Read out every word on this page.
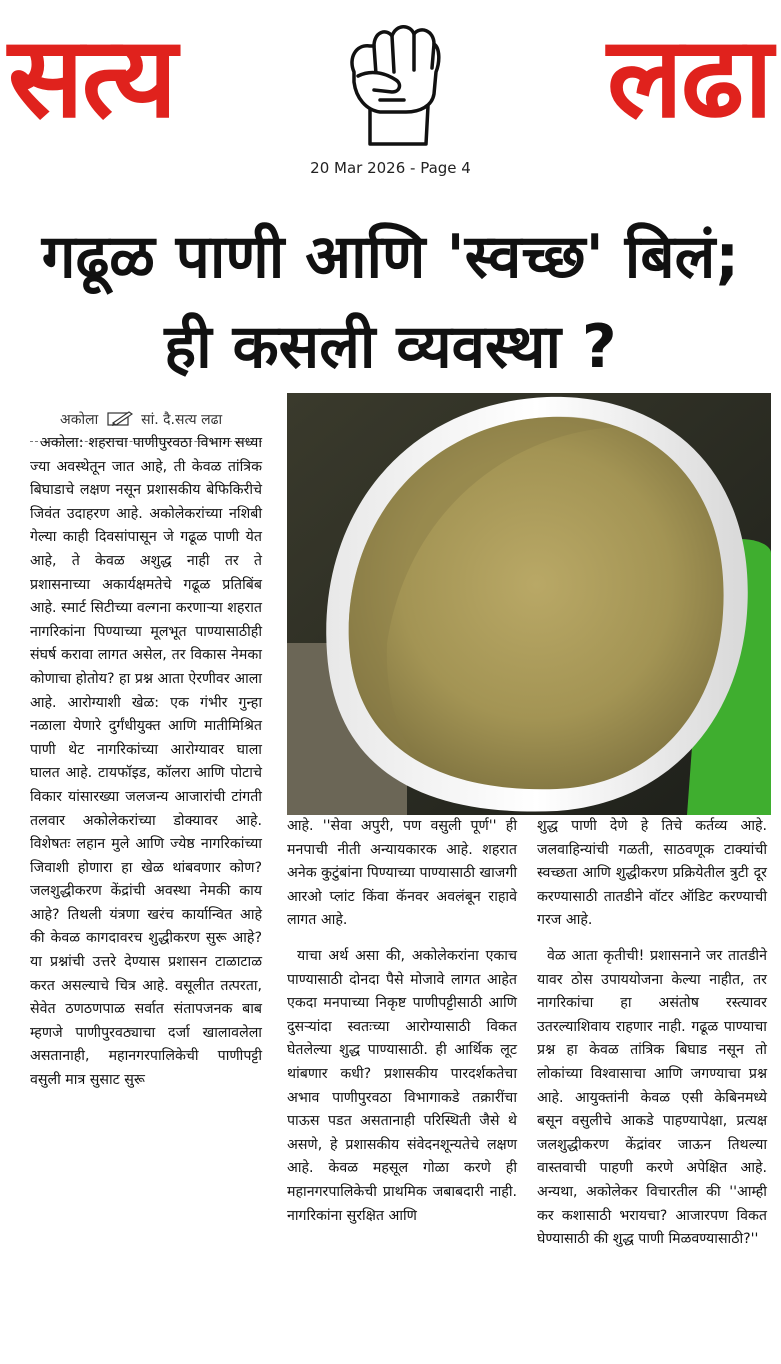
सत्य	लढा
20 Mar 2026 - Page 4
गढूळ पाणी आणि 'स्वच्छ' बिलं; ही कसली व्यवस्था ?
अकोला	सां. दै.सत्य लढा

अकोला: शहराचा पाणीपुरवठा विभाग सध्या ज्या अवस्थेतून जात आहे, ती केवळ तांत्रिक बिघाडाचे लक्षण नसून प्रशासकीय बेफिकिरीचे जिवंत उदाहरण आहे. अकोलेकरांच्या नशिबी गेल्या काही दिवसांपासून जे गढूळ पाणी येत आहे, ते केवळ अशुद्ध नाही तर ते प्रशासनाच्या अकार्यक्षमतेचे गढूळ प्रतिबिंब आहे. स्मार्ट सिटीच्या वल्गना करणाऱ्या शहरात नागरिकांना पिण्याच्या मूलभूत पाण्यासाठीही संघर्ष करावा लागत असेल, तर विकास नेमका कोणाचा होतोय? हा प्रश्न आता ऐरणीवर आला आहे. आरोग्याशी खेळ: एक गंभीर गुन्हा नळाला येणारे दुर्गंधीयुक्त आणि मातीमिश्रित पाणी थेट नागरिकांच्या आरोग्यावर घाला घालत आहे. टायफॉइड, कॉलरा आणि पोटाचे विकार यांसारख्या जलजन्य आजारांची टांगती तलवार अकोलेकरांच्या डोक्यावर आहे. विशेषतः लहान मुले आणि ज्येष्ठ नागरिकांच्या जिवाशी होणारा हा खेळ थांबवणार कोण? जलशुद्धीकरण केंद्रांची अवस्था नेमकी काय आहे? तिथली यंत्रणा खरंच कार्यान्वित आहे की केवळ कागदावरच शुद्धीकरण सुरू आहे? या प्रश्नांची उत्तरे देण्यास प्रशासन टाळाटाळ करत असल्याचे चित्र आहे. वसूलीत तत्परता, सेवेत ठणठणपाळ सर्वात संतापजनक बाब म्हणजे पाणीपुरवठ्याचा दर्जा खालावलेला असतानाही, महानगरपालिकेची पाणीपट्टी वसुली मात्र सुसाट सुरू

आहे. ''सेवा अपुरी, पण वसुली पूर्ण'' ही मनपाची नीती अन्यायकारक आहे. शहरात अनेक कुटुंबांना पिण्याच्या पाण्यासाठी खाजगी आरओ प्लांट किंवा कॅनवर अवलंबून राहावे लागत आहे.

याचा अर्थ असा की, अकोलेकरांना एकाच पाण्यासाठी दोनदा पैसे मोजावे लागत आहेत एकदा मनपाच्या निकृष्ट पाणीपट्टीसाठी आणि दुसऱ्यांदा स्वतःच्या आरोग्यासाठी विकत घेतलेल्या शुद्ध पाण्यासाठी. ही आर्थिक लूट थांबणार कधी? प्रशासकीय पारदर्शकतेचा अभाव पाणीपुरवठा विभागाकडे तक्रारींचा पाऊस पडत असतानाही परिस्थिती जैसे थे असणे, हे प्रशासकीय संवेदनशून्यतेचे लक्षण आहे. केवळ महसूल गोळा करणे ही महानगरपालिकेची प्राथमिक जबाबदारी नाही. नागरिकांना सुरक्षित आणि

शुद्ध पाणी देणे हे तिचे कर्तव्य आहे. जलवाहिन्यांची गळती, साठवणूक टाक्यांची स्वच्छता आणि शुद्धीकरण प्रक्रियेतील त्रुटी दूर करण्यासाठी तातडीने वॉटर ऑडिट करण्याची गरज आहे.

वेळ आता कृतीची! प्रशासनाने जर तातडीने यावर ठोस उपाययोजना केल्या नाहीत, तर नागरिकांचा हा असंतोष रस्त्यावर उतरल्याशिवाय राहणार नाही. गढूळ पाण्याचा प्रश्न हा केवळ तांत्रिक बिघाड नसून तो लोकांच्या विश्वासाचा आणि जगण्याचा प्रश्न आहे. आयुक्तांनी केवळ एसी केबिनमध्ये बसून वसुलीचे आकडे पाहण्यापेक्षा, प्रत्यक्ष जलशुद्धीकरण केंद्रांवर जाऊन तिथल्या वास्तवाची पाहणी करणे अपेक्षित आहे. अन्यथा, अकोलेकर विचारतील की ''आम्ही कर कशासाठी भरायचा? आजारपण विकत घेण्यासाठी की शुद्ध पाणी मिळवण्यासाठी?''
